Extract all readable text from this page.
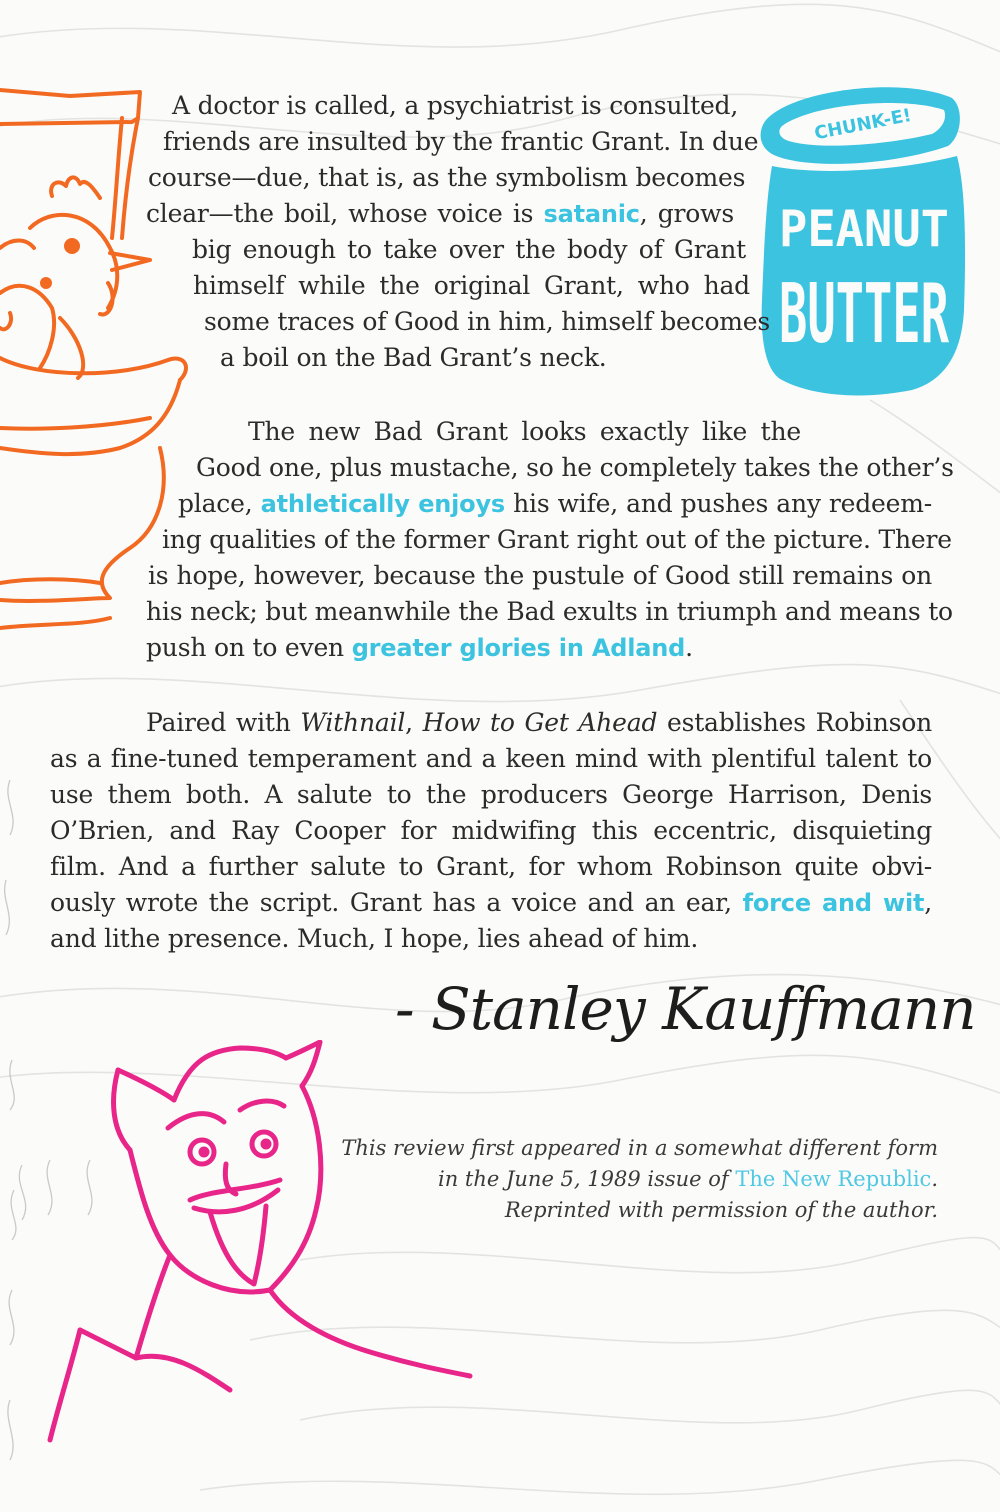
CHUNK-E!
PEANUT
BUTTER
A doctor is called, a psychiatrist is consulted,
friends are insulted by the frantic Grant. In due
course—due, that is, as the symbolism becomes
clear—the boil, whose voice is satanic, grows
big enough to take over the body of Grant
himself while the original Grant, who had
some traces of Good in him, himself becomes
a boil on the Bad Grant’s neck.
The new Bad Grant looks exactly like the
Good one, plus mustache, so he completely takes the other’s
place, athletically enjoys his wife, and pushes any redeem-
ing qualities of the former Grant right out of the picture. There
is hope, however, because the pustule of Good still remains on
his neck; but meanwhile the Bad exults in triumph and means to
push on to even greater glories in Adland.
Paired with Withnail, How to Get Ahead establishes Robinson
as a fine-tuned temperament and a keen mind with plentiful talent to
use them both. A salute to the producers George Harrison, Denis
O’Brien, and Ray Cooper for midwifing this eccentric, disquieting
film. And a further salute to Grant, for whom Robinson quite obvi-
ously wrote the script. Grant has a voice and an ear, force and wit,
and lithe presence. Much, I hope, lies ahead of him.
- Stanley Kauffmann
This review first appeared in a somewhat different form
in the June 5, 1989 issue of The New Republic.
Reprinted with permission of the author.
